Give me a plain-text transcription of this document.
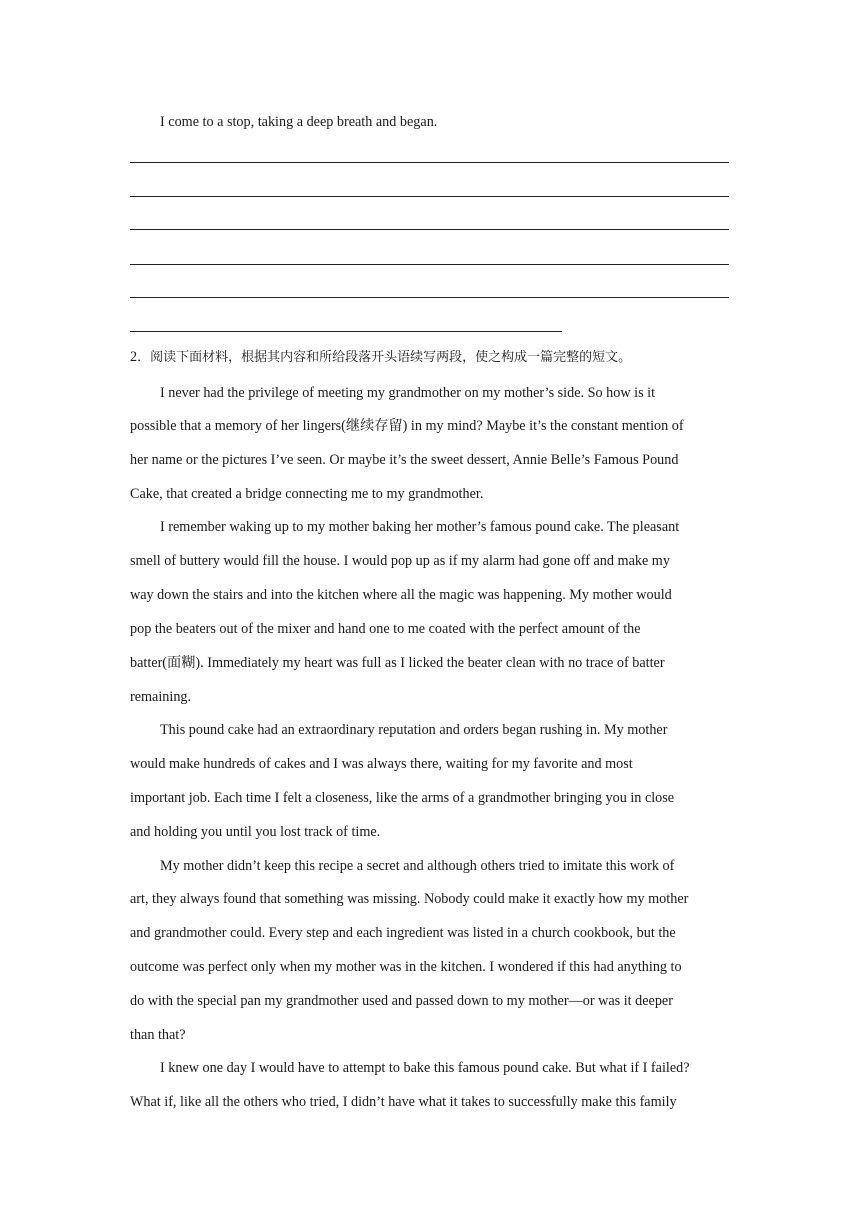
I come to a stop, taking a deep breath and began.
2．阅读下面材料，根据其内容和所给段落开头语续写两段，使之构成一篇完整的短文。
I never had the privilege of meeting my grandmother on my mother’s side. So how is it
possible that a memory of her lingers(继续存留) in my mind? Maybe it’s the constant mention of
her name or the pictures I’ve seen. Or maybe it’s the sweet dessert, Annie Belle’s Famous Pound
Cake, that created a bridge connecting me to my grandmother.
I remember waking up to my mother baking her mother’s famous pound cake. The pleasant
smell of buttery would fill the house. I would pop up as if my alarm had gone off and make my
way down the stairs and into the kitchen where all the magic was happening. My mother would
pop the beaters out of the mixer and hand one to me coated with the perfect amount of the
batter(面糊). Immediately my heart was full as I licked the beater clean with no trace of batter
remaining.
This pound cake had an extraordinary reputation and orders began rushing in. My mother
would make hundreds of cakes and I was always there, waiting for my favorite and most
important job. Each time I felt a closeness, like the arms of a grandmother bringing you in close
and holding you until you lost track of time.
My mother didn’t keep this recipe a secret and although others tried to imitate this work of
art, they always found that something was missing. Nobody could make it exactly how my mother
and grandmother could. Every step and each ingredient was listed in a church cookbook, but the
outcome was perfect only when my mother was in the kitchen. I wondered if this had anything to
do with the special pan my grandmother used and passed down to my mother—or was it deeper
than that?
I knew one day I would have to attempt to bake this famous pound cake. But what if I failed?
What if, like all the others who tried, I didn’t have what it takes to successfully make this family
